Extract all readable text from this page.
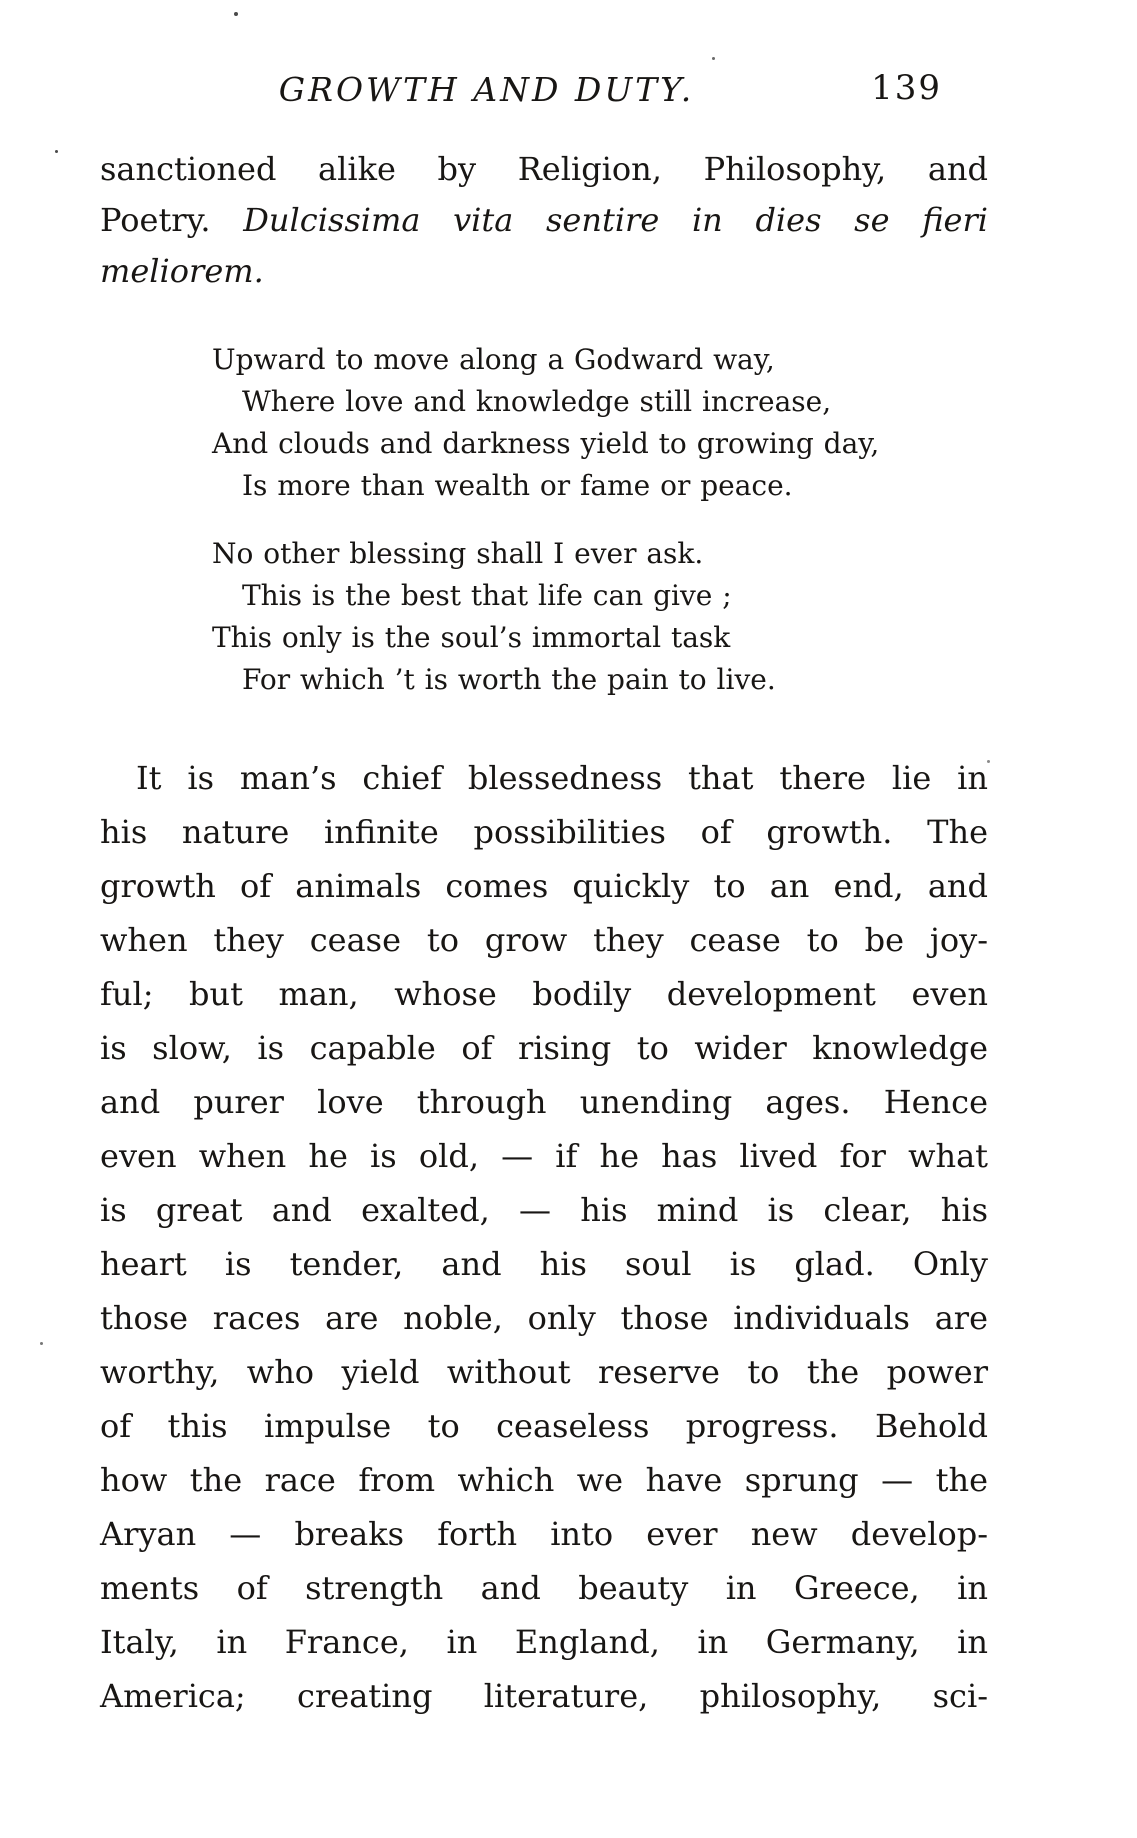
GROWTH AND DUTY.	139
sanctioned alike by Religion, Philosophy, and
Poetry. Dulcissima vita sentire in dies se fieri
meliorem.
Upward to move along a Godward way,
Where love and knowledge still increase,
And clouds and darkness yield to growing day,
Is more than wealth or fame or peace.
No other blessing shall I ever ask.
This is the best that life can give ;
This only is the soul’s immortal task
For which ’t is worth the pain to live.
It is man’s chief blessedness that there lie in
his nature infinite possibilities of growth. The
growth of animals comes quickly to an end, and
when they cease to grow they cease to be joy-
ful; but man, whose bodily development even
is slow, is capable of rising to wider knowledge
and purer love through unending ages. Hence
even when he is old, — if he has lived for what
is great and exalted, — his mind is clear, his
heart is tender, and his soul is glad. Only
those races are noble, only those individuals are
worthy, who yield without reserve to the power
of this impulse to ceaseless progress. Behold
how the race from which we have sprung — the
Aryan — breaks forth into ever new develop-
ments of strength and beauty in Greece, in
Italy, in France, in England, in Germany, in
America; creating literature, philosophy, sci-
